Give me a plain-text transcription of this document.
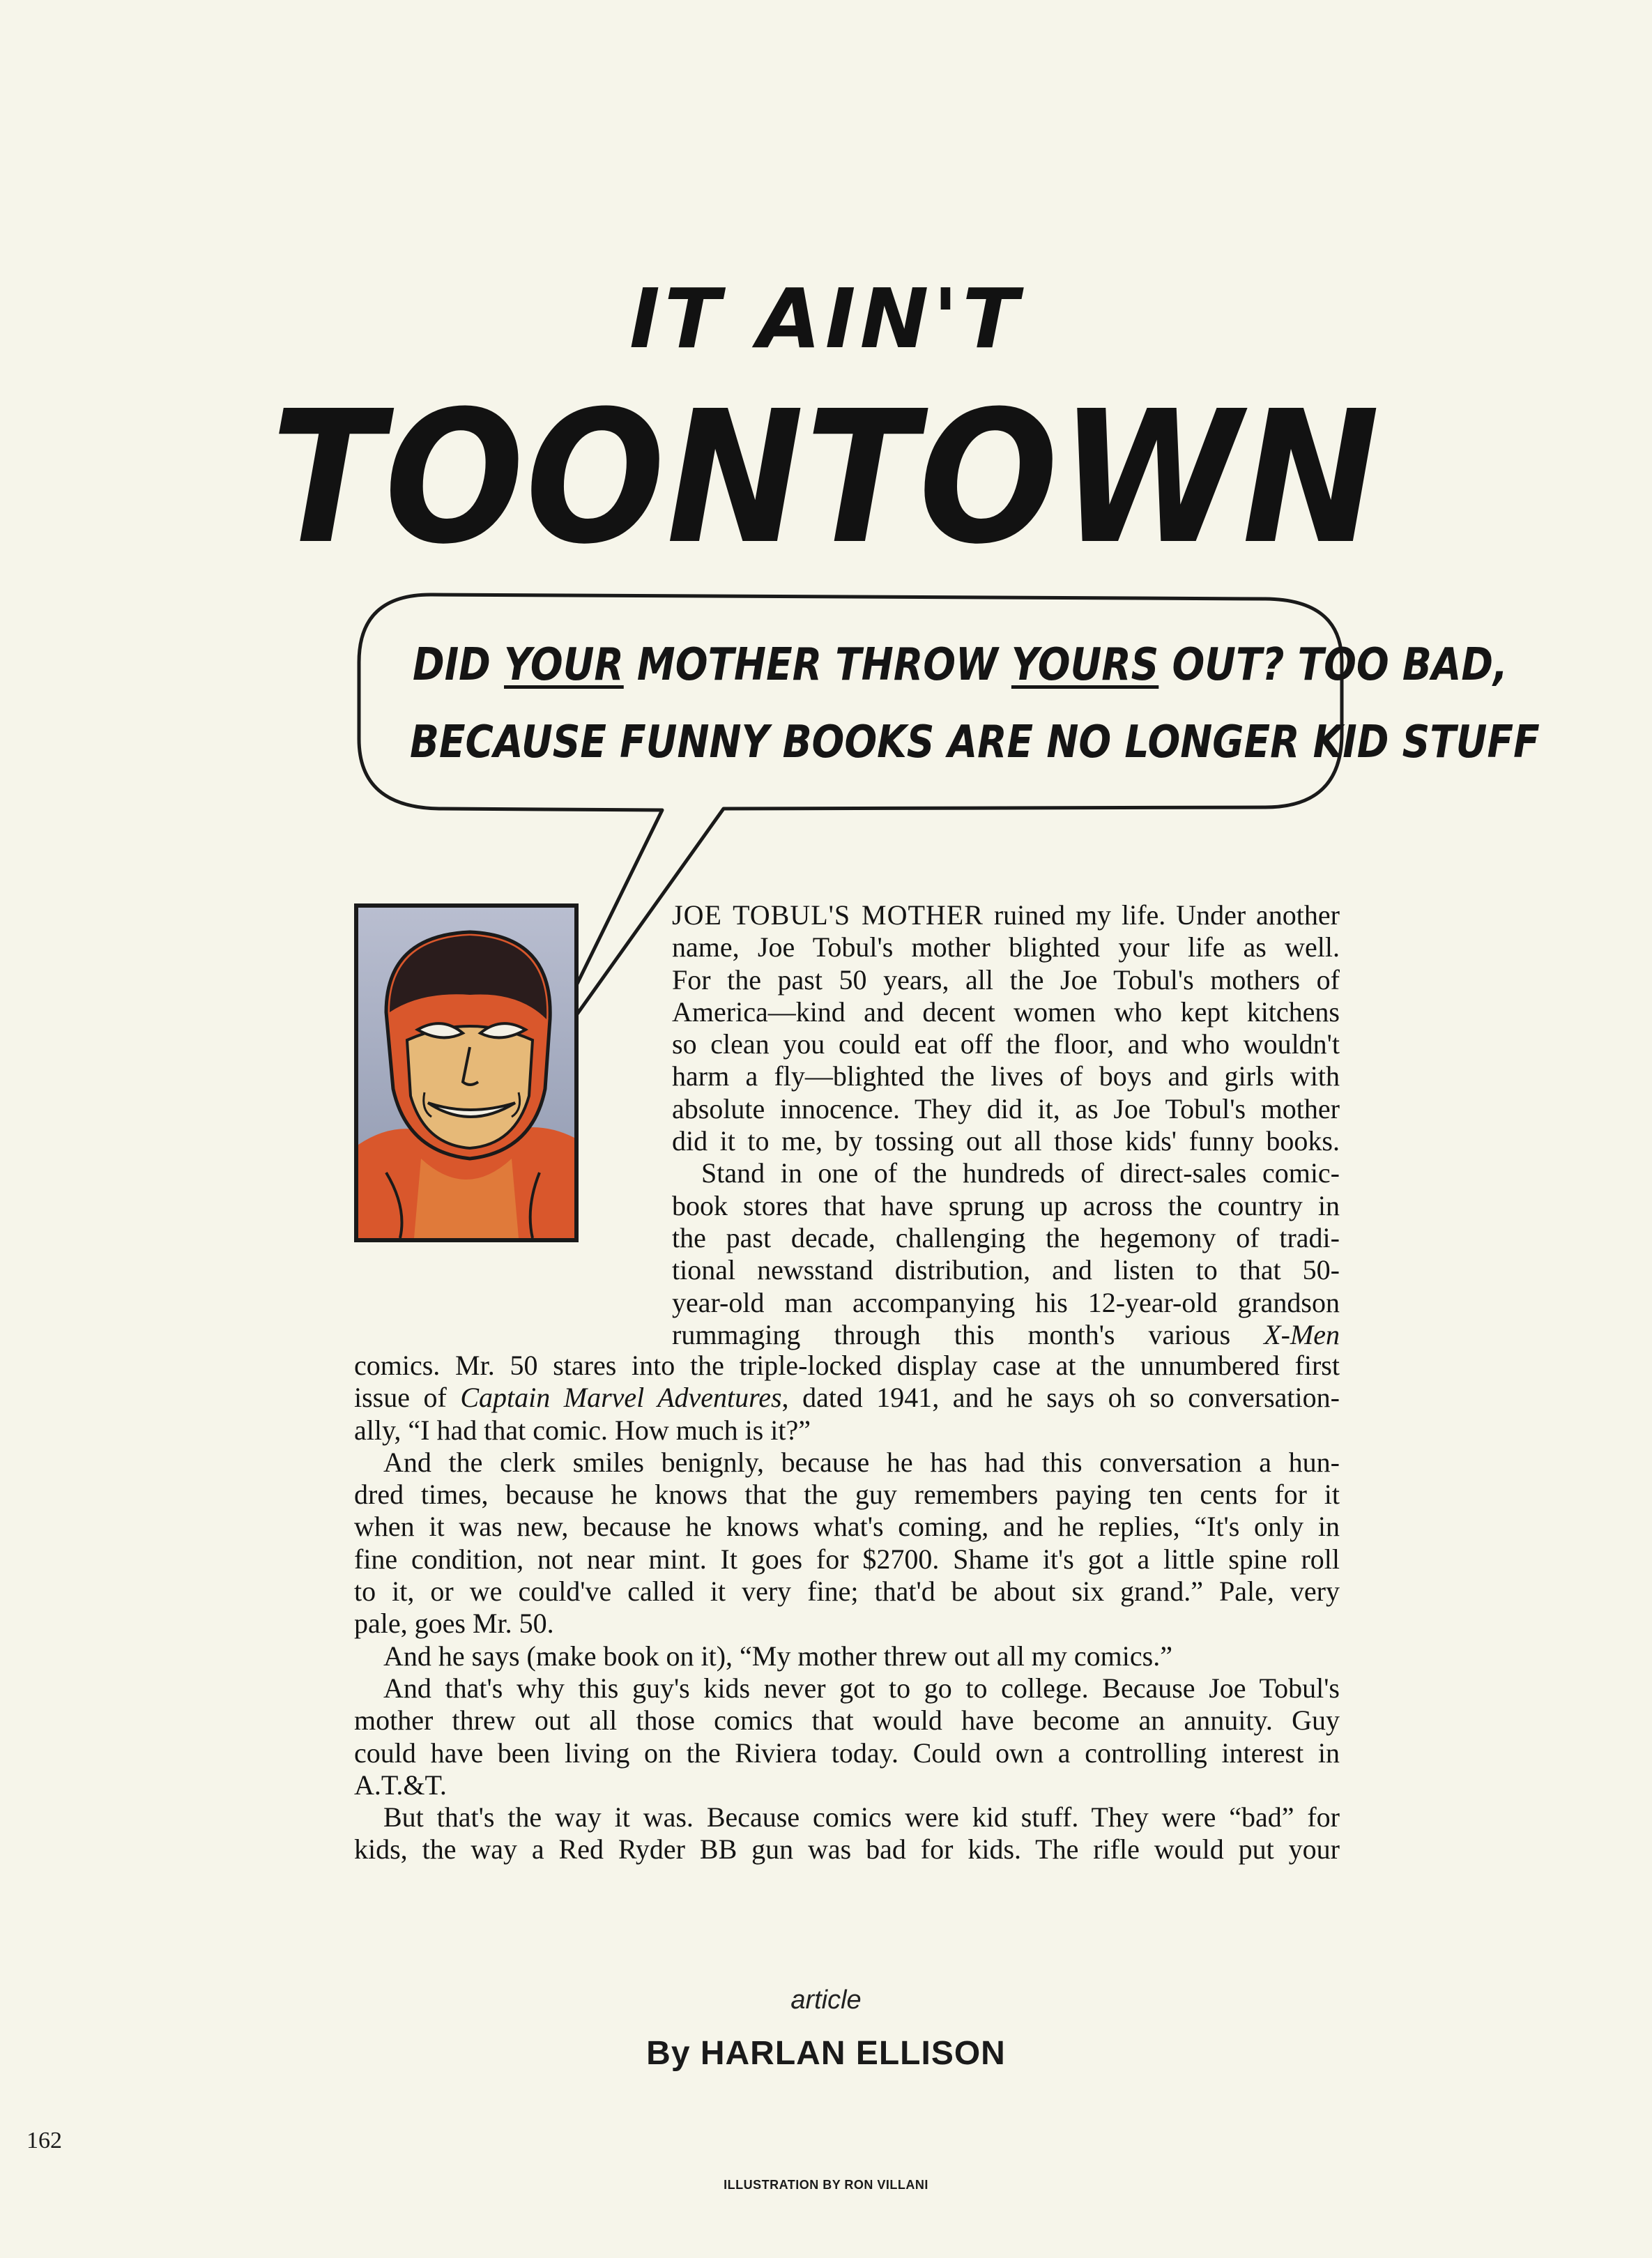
IT AIN'T
TOONTOWN
DID YOUR MOTHER THROW YOURS OUT? TOO BAD,
BECAUSE FUNNY BOOKS ARE NO LONGER KID STUFF
JOE TOBUL'S MOTHER ruined my life. Under another
name, Joe Tobul's mother blighted your life as well.
For the past 50 years, all the Joe Tobul's mothers of
America—kind and decent women who kept kitchens
so clean you could eat off the floor, and who wouldn't
harm a fly—blighted the lives of boys and girls with
absolute innocence. They did it, as Joe Tobul's mother
did it to me, by tossing out all those kids' funny books.
Stand in one of the hundreds of direct-sales comic-
book stores that have sprung up across the country in
the past decade, challenging the hegemony of tradi-
tional newsstand distribution, and listen to that 50-
year-old man accompanying his 12-year-old grandson
rummaging through this month's various X-Men
comics. Mr. 50 stares into the triple-locked display case at the unnumbered first
issue of Captain Marvel Adventures, dated 1941, and he says oh so conversation-
ally, “I had that comic. How much is it?”
And the clerk smiles benignly, because he has had this conversation a hun-
dred times, because he knows that the guy remembers paying ten cents for it
when it was new, because he knows what's coming, and he replies, “It's only in
fine condition, not near mint. It goes for $2700. Shame it's got a little spine roll
to it, or we could've called it very fine; that'd be about six grand.” Pale, very
pale, goes Mr. 50.
And he says (make book on it), “My mother threw out all my comics.”
And that's why this guy's kids never got to go to college. Because Joe Tobul's
mother threw out all those comics that would have become an annuity. Guy
could have been living on the Riviera today. Could own a controlling interest in
A.T.&T.
But that's the way it was. Because comics were kid stuff. They were “bad” for
kids, the way a Red Ryder BB gun was bad for kids. The rifle would put your
article
By HARLAN ELLISON
162
ILLUSTRATION BY RON VILLANI
